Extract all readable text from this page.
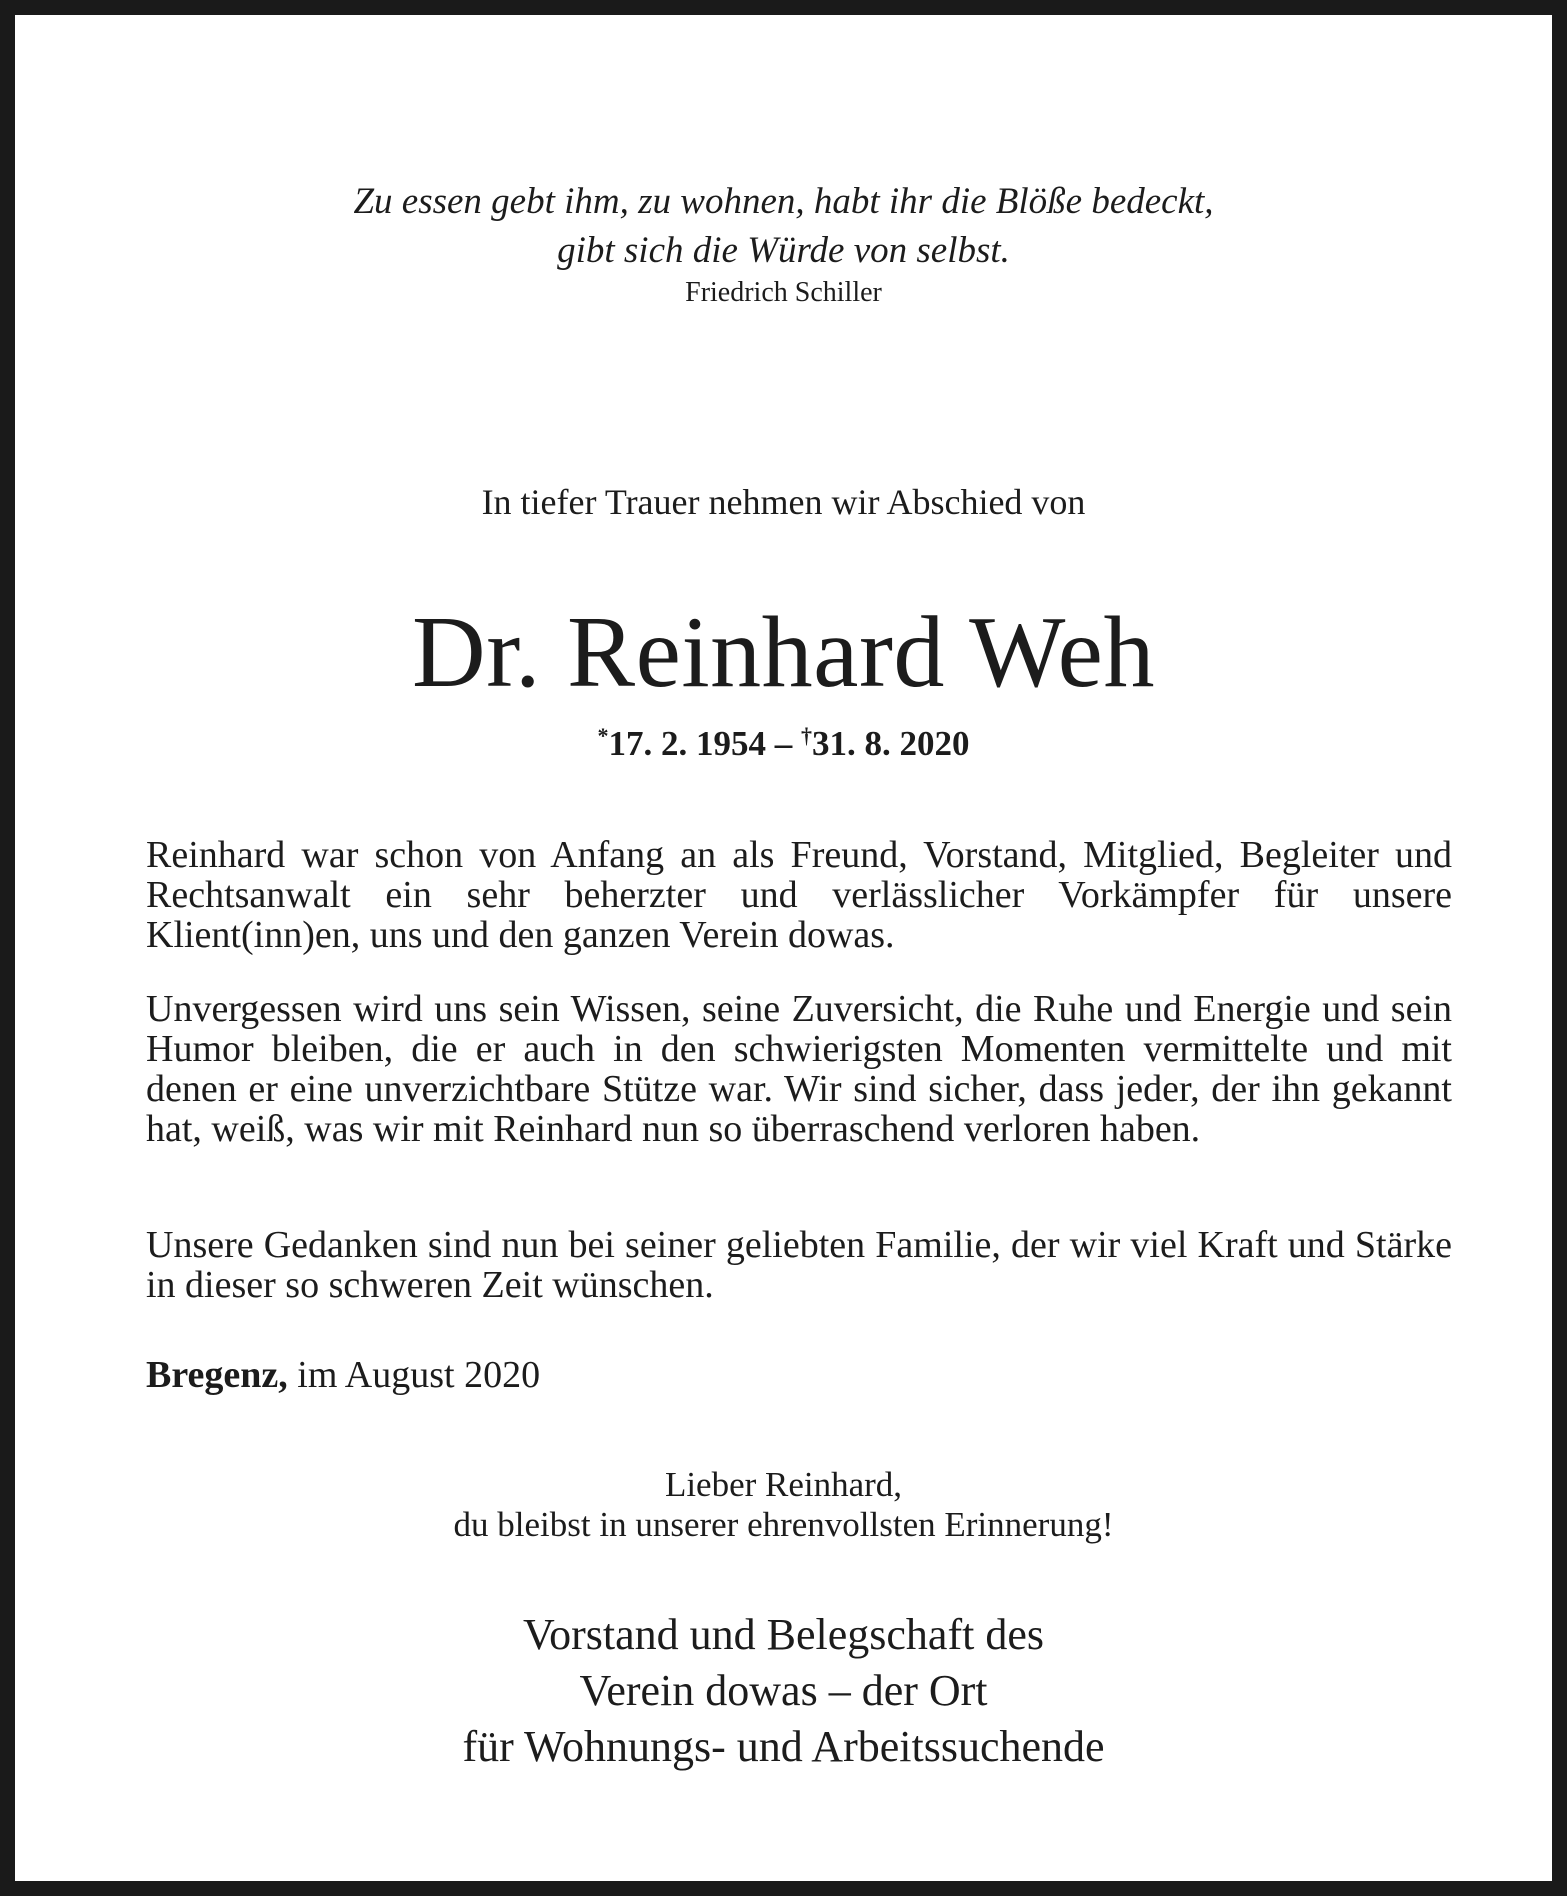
Zu essen gebt ihm, zu wohnen, habt ihr die Blöße bedeckt,
gibt sich die Würde von selbst.
Friedrich Schiller
In tiefer Trauer nehmen wir Abschied von
Dr. Reinhard Weh
*17. 2. 1954 – †31. 8. 2020
Reinhard war schon von Anfang an als Freund, Vorstand, Mitglied, Begleiter und Rechtsanwalt ein sehr beherzter und verlässlicher Vorkämpfer für unsere Klient(inn)en, uns und den ganzen Verein dowas.
Unvergessen wird uns sein Wissen, seine Zuversicht, die Ruhe und Energie und sein Humor bleiben, die er auch in den schwierigsten Momenten vermittelte und mit denen er eine unverzichtbare Stütze war. Wir sind sicher, dass jeder, der ihn gekannt hat, weiß, was wir mit Reinhard nun so überraschend verloren haben.
Unsere Gedanken sind nun bei seiner geliebten Familie, der wir viel Kraft und Stärke in dieser so schweren Zeit wünschen.
Bregenz, im August 2020
Lieber Reinhard,
du bleibst in unserer ehrenvollsten Erinnerung!
Vorstand und Belegschaft des
Verein dowas – der Ort
für Wohnungs- und Arbeitssuchende
